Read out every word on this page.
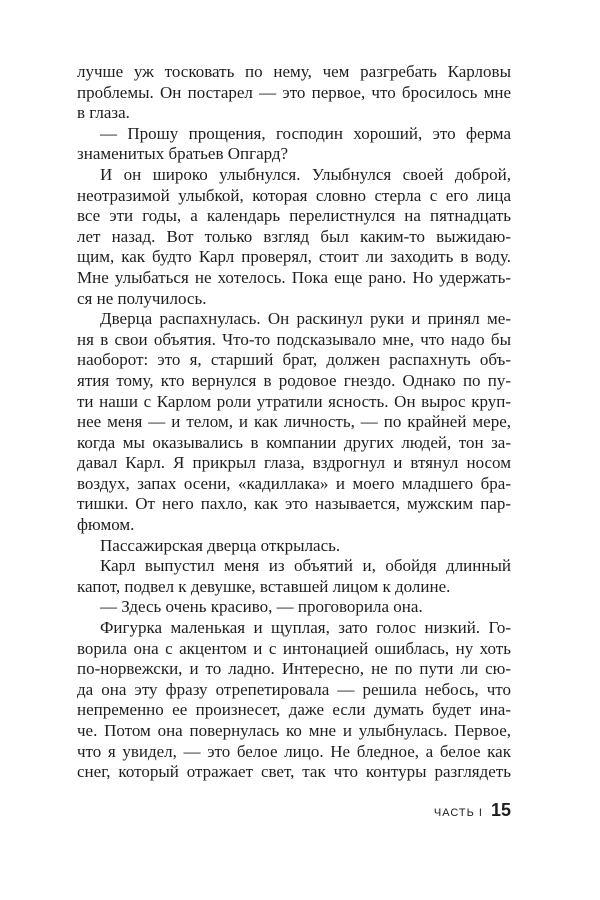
лучше уж тосковать по нему, чем разгребать Карловы
проблемы. Он постарел — это первое, что бросилось мне
в глаза.
— Прошу прощения, господин хороший, это ферма
знаменитых братьев Опгард?
И он широко улыбнулся. Улыбнулся своей доброй,
неотразимой улыбкой, которая словно стерла с его лица
все эти годы, а календарь перелистнулся на пятнадцать
лет назад. Вот только взгляд был каким-то выжидаю-
щим, как будто Карл проверял, стоит ли заходить в воду.
Мне улыбаться не хотелось. Пока еще рано. Но удержать-
ся не получилось.
Дверца распахнулась. Он раскинул руки и принял ме-
ня в свои объятия. Что-то подсказывало мне, что надо бы
наоборот: это я, старший брат, должен распахнуть объ-
ятия тому, кто вернулся в родовое гнездо. Однако по пу-
ти наши с Карлом роли утратили ясность. Он вырос круп-
нее меня — и телом, и как личность, — по крайней мере,
когда мы оказывались в компании других людей, тон за-
давал Карл. Я прикрыл глаза, вздрогнул и втянул носом
воздух, запах осени, «кадиллака» и моего младшего бра-
тишки. От него пахло, как это называется, мужским пар-
фюмом.
Пассажирская дверца открылась.
Карл выпустил меня из объятий и, обойдя длинный
капот, подвел к девушке, вставшей лицом к долине.
— Здесь очень красиво, — проговорила она.
Фигурка маленькая и щуплая, зато голос низкий. Го-
ворила она с акцентом и с интонацией ошиблась, ну хоть
по-норвежски, и то ладно. Интересно, не по пути ли сю-
да она эту фразу отрепетировала — решила небось, что
непременно ее произнесет, даже если думать будет ина-
че. Потом она повернулась ко мне и улыбнулась. Первое,
что я увидел, — это белое лицо. Не бледное, а белое как
снег, который отражает свет, так что контуры разглядеть
ЧАСТЬ I 15
